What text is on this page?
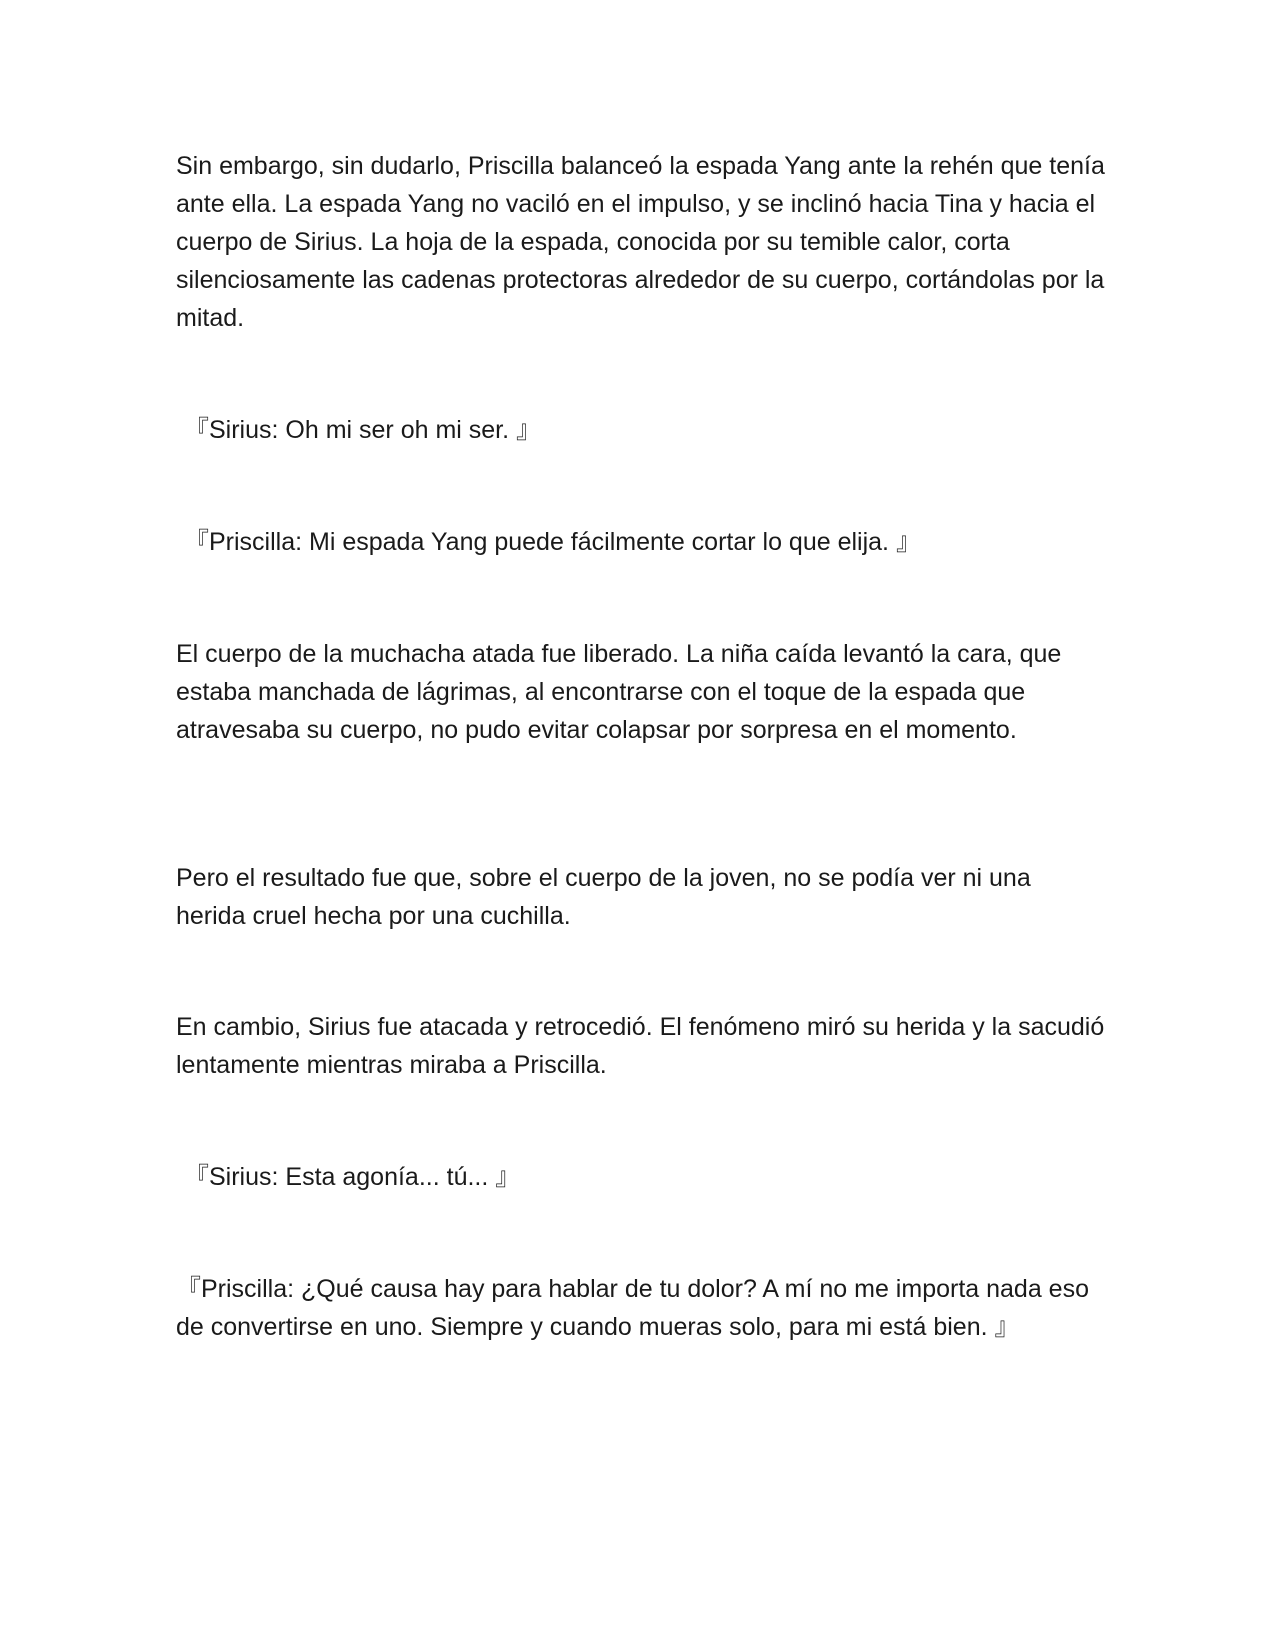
Sin embargo, sin dudarlo, Priscilla balanceó la espada Yang ante la rehén que tenía ante ella. La espada Yang no vaciló en el impulso, y se inclinó hacia Tina y hacia el cuerpo de Sirius. La hoja de la espada, conocida por su temible calor, corta silenciosamente las cadenas protectoras alrededor de su cuerpo, cortándolas por la mitad.

『Sirius: Oh mi ser oh mi ser. 』

『Priscilla: Mi espada Yang puede fácilmente cortar lo que elija. 』

El cuerpo de la muchacha atada fue liberado. La niña caída levantó la cara, que estaba manchada de lágrimas, al encontrarse con el toque de la espada que atravesaba su cuerpo, no pudo evitar colapsar por sorpresa en el momento.

Pero el resultado fue que, sobre el cuerpo de la joven, no se podía ver ni una herida cruel hecha por una cuchilla.

En cambio, Sirius fue atacada y retrocedió. El fenómeno miró su herida y la sacudió lentamente mientras miraba a Priscilla.

『Sirius: Esta agonía... tú... 』

『Priscilla: ¿Qué causa hay para hablar de tu dolor? A mí no me importa nada eso de convertirse en uno. Siempre y cuando mueras solo, para mi está bien. 』
